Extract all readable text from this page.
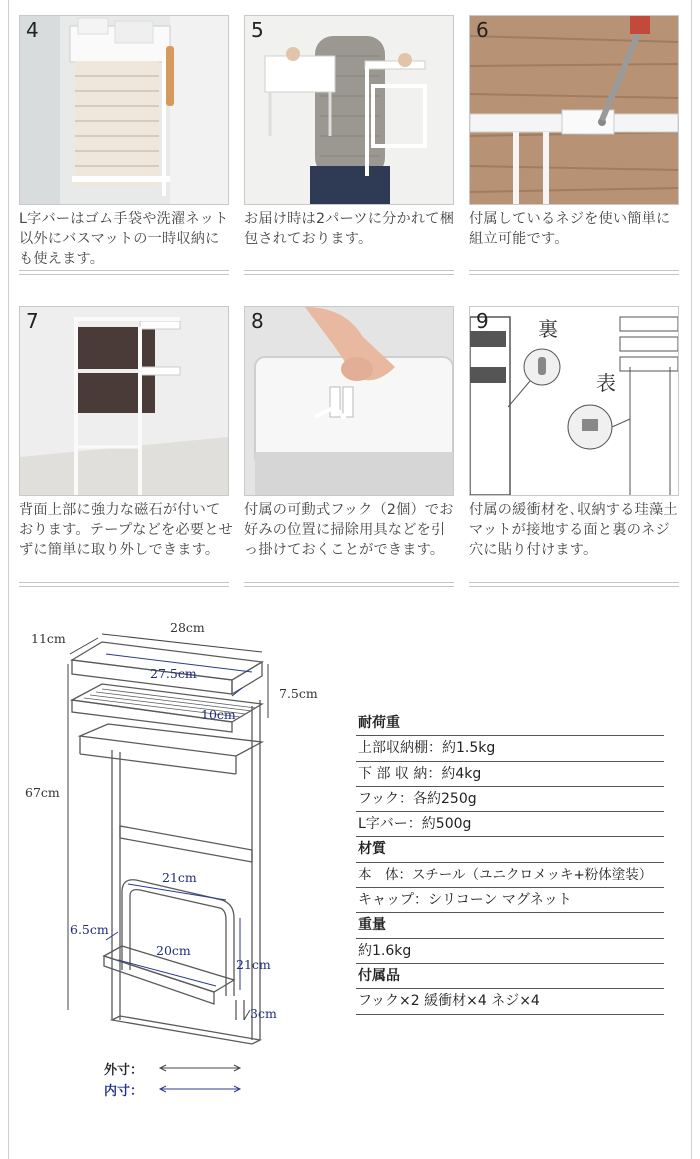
4
L字バーはゴム手袋や洗濯ネット以外にバスマットの一時収納にも使えます。
5
お届け時は2パーツに分かれて梱包されております。
6
付属しているネジを使い簡単に組立可能です。
7
背面上部に強力な磁石が付いております。テープなどを必要とせずに簡単に取り外しできます。
8
付属の可動式フック（2個）でお好みの位置に掃除用具などを引っ掛けておくことができます。
9 裏
表
付属の緩衝材を､収納する珪藻土マットが接地する面と裏のネジ穴に貼り付けます。
28cm
11cm
67cm
27.5cm
10cm
7.5cm
21cm
6.5cm
20cm
21cm
3cm
外寸：
内寸：
耐荷重
上部収納棚：約1.5kg
下 部 収 納：約4kg
フック：各約250g
L字バー：約500g
材質
本　体：スチール（ユニクロメッキ+粉体塗装）
キャップ：シリコーン マグネット
重量
約1.6kg
付属品
フック×2 緩衝材×4 ネジ×4
